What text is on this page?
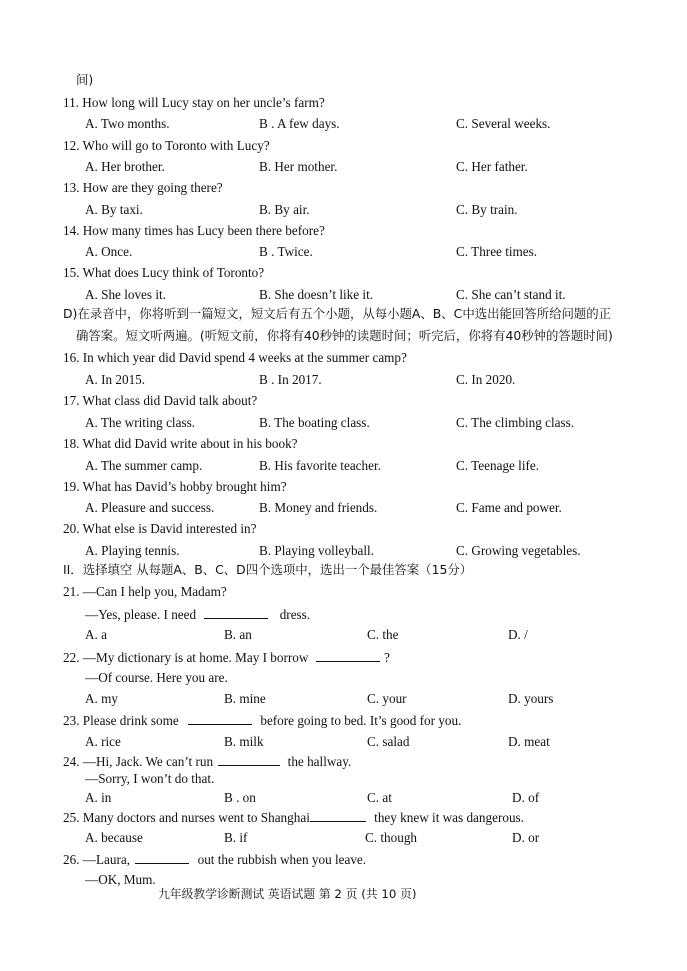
间)
11. How long will Lucy stay on her uncle’s farm?
A. Two months.	B . A few days.	C. Several weeks.
12. Who will go to Toronto with Lucy?
A. Her brother.	B. Her mother.	C. Her father.
13. How are they going there?
A. By taxi.	B. By air.	C. By train.
14. How many times has Lucy been there before?
A. Once.	B . Twice.	C. Three times.
15. What does Lucy think of Toronto?
A. She loves it.	B. She doesn’t like it.	C. She can’t stand it.
D)在录音中，你将听到一篇短文，短文后有五个小题，从每小题A、B、C中选出能回答所给问题的正
确答案。短文听两遍。(听短文前，你将有40秒钟的读题时间；听完后，你将有40秒钟的答题时间)
16. In which year did David spend 4 weeks at the summer camp?
A. In 2015.	B . In 2017.	C. In 2020.
17. What class did David talk about?
A. The writing class.	B. The boating class.	C. The climbing class.
18. What did David write about in his book?
A. The summer camp.	B. His favorite teacher.	C. Teenage life.
19. What has David’s hobby brought him?
A. Pleasure and success.	B. Money and friends.	C. Fame and power.
20. What else is David interested in?
A. Playing tennis.	B. Playing volleyball.	C. Growing vegetables.
II．选择填空 从每题A、B、C、D四个选项中，选出一个最佳答案（15分）
21. —Can I help you, Madam?
—Yes, please. I need	dress.
A. a	B. an	C. the	D. /
22. —My dictionary is at home. May I borrow	?
—Of course. Here you are.
A. my	B. mine	C. your	D. yours
23. Please drink some	before going to bed. It’s good for you.
A. rice	B. milk	C. salad	D. meat
24. —Hi, Jack. We can’t run	the hallway.
—Sorry, I won’t do that.
A. in	B . on	C. at	D. of
25. Many doctors and nurses went to Shanghai	they knew it was dangerous.
A. because	B. if	C. though	D. or
26. —Laura,	out the rubbish when you leave.
—OK, Mum.
九年级教学诊断测试 英语试题 第 2 页 (共 10 页)
